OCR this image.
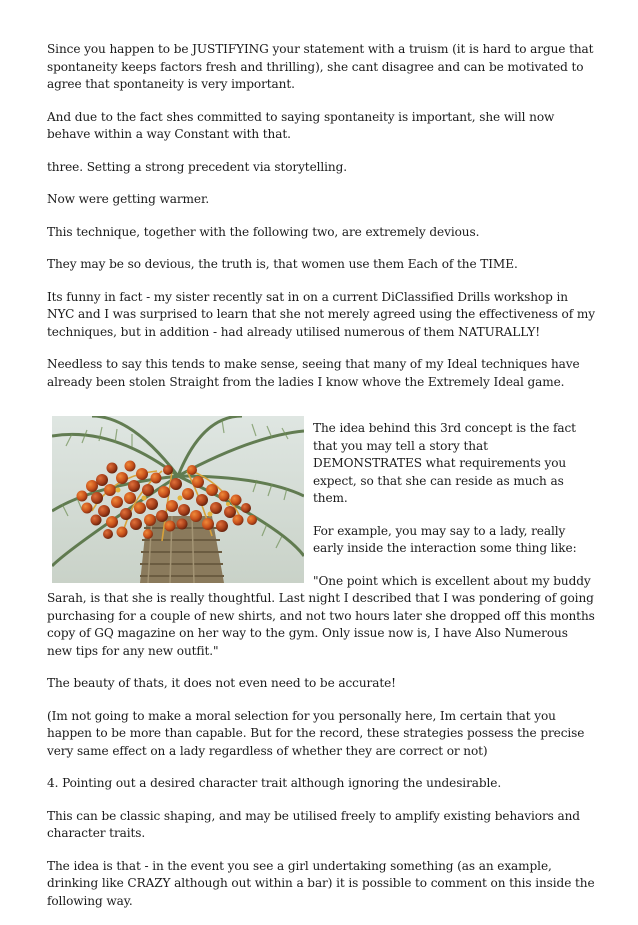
Since you happen to be JUSTIFYING your statement with a truism (it is hard to argue that spontaneity keeps factors fresh and thrilling), she cant disagree and can be motivated to agree that spontaneity is very important.

And due to the fact shes committed to saying spontaneity is important, she will now behave within a way Constant with that.

three. Setting a strong precedent via storytelling.

Now were getting warmer.

This technique, together with the following two, are extremely devious.

They may be so devious, the truth is, that women use them Each of the TIME.

Its funny in fact - my sister recently sat in on a current DiClassified Drills workshop in NYC and I was surprised to learn that she not merely agreed using the effectiveness of my techniques, but in addition - had already utilised numerous of them NATURALLY!

Needless to say this tends to make sense, seeing that many of my Ideal techniques have already been stolen Straight from the ladies I know whove the Extremely Ideal game.

The idea behind this 3rd concept is the fact that you may tell a story that DEMONSTRATES what requirements you expect, so that she can reside as much as them.

For example, you may say to a lady, really early inside the interaction some thing like:

"One point which is excellent about my buddy Sarah, is that she is really thoughtful. Last night I described that I was pondering of going purchasing for a couple of new shirts, and not two hours later she dropped off this months copy of GQ magazine on her way to the gym. Only issue now is, I have Also Numerous new tips for any new outfit."

The beauty of thats, it does not even need to be accurate!

(Im not going to make a moral selection for you personally here, Im certain that you happen to be more than capable. But for the record, these strategies possess the precise very same effect on a lady regardless of whether they are correct or not)

4. Pointing out a desired character trait although ignoring the undesirable.

This can be classic shaping, and may be utilised freely to amplify existing behaviors and character traits.

The idea is that - in the event you see a girl undertaking something (as an example, drinking like CRAZY although out within a bar) it is possible to comment on this inside the following way.
